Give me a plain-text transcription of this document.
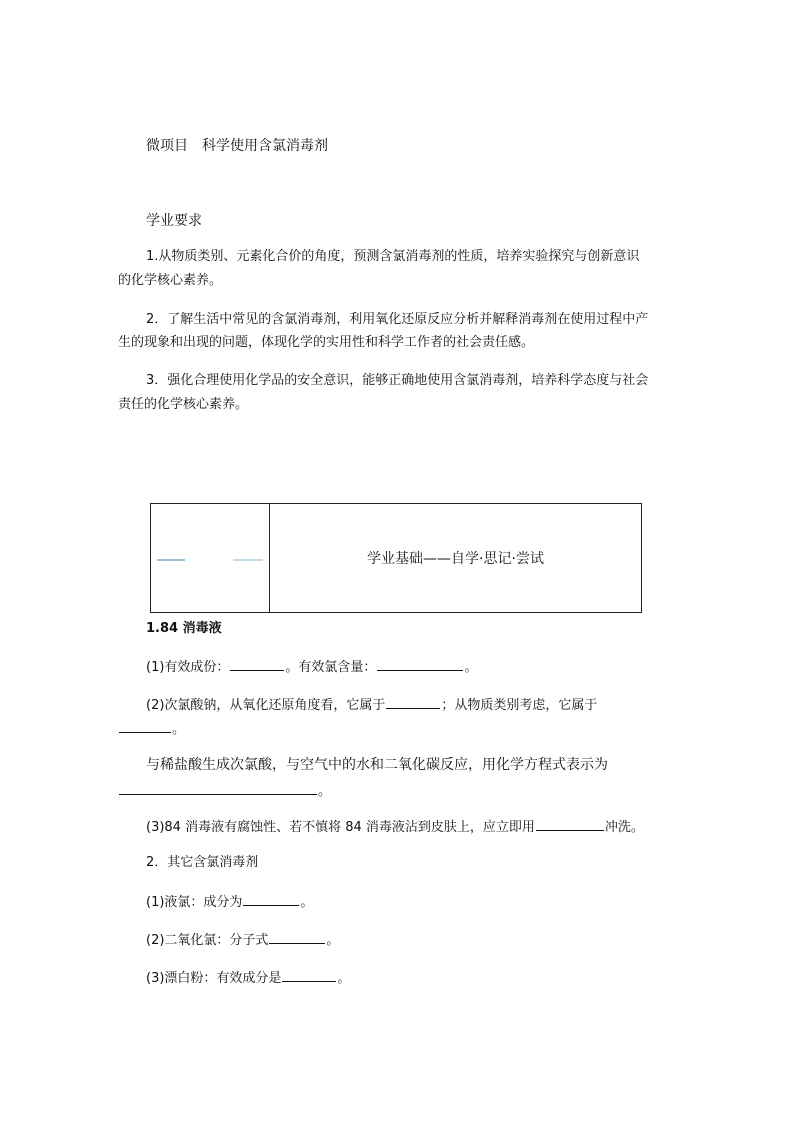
微项目　科学使用含氯消毒剂
学业要求
1.从物质类别、元素化合价的角度，预测含氯消毒剂的性质，培养实验探究与创新意识
的化学核心素养。
2．了解生活中常见的含氯消毒剂，利用氧化还原反应分析并解释消毒剂在使用过程中产
生的现象和出现的问题，体现化学的实用性和科学工作者的社会责任感。
3．强化合理使用化学品的安全意识，能够正确地使用含氯消毒剂，培养科学态度与社会
责任的化学核心素养。
学业基础——自学·思记·尝试
1.84 消毒液
(1)有效成份：	。有效氯含量：	。
(2)次氯酸钠，从氧化还原角度看，它属于	；从物质类别考虑，它属于
。
与稀盐酸生成次氯酸，与空气中的水和二氧化碳反应，用化学方程式表示为
。
(3)84 消毒液有腐蚀性、若不慎将 84 消毒液沾到皮肤上，应立即用	冲洗。
2．其它含氯消毒剂
(1)液氯：成分为	。
(2)二氧化氯：分子式	。
(3)漂白粉：有效成分是	。
